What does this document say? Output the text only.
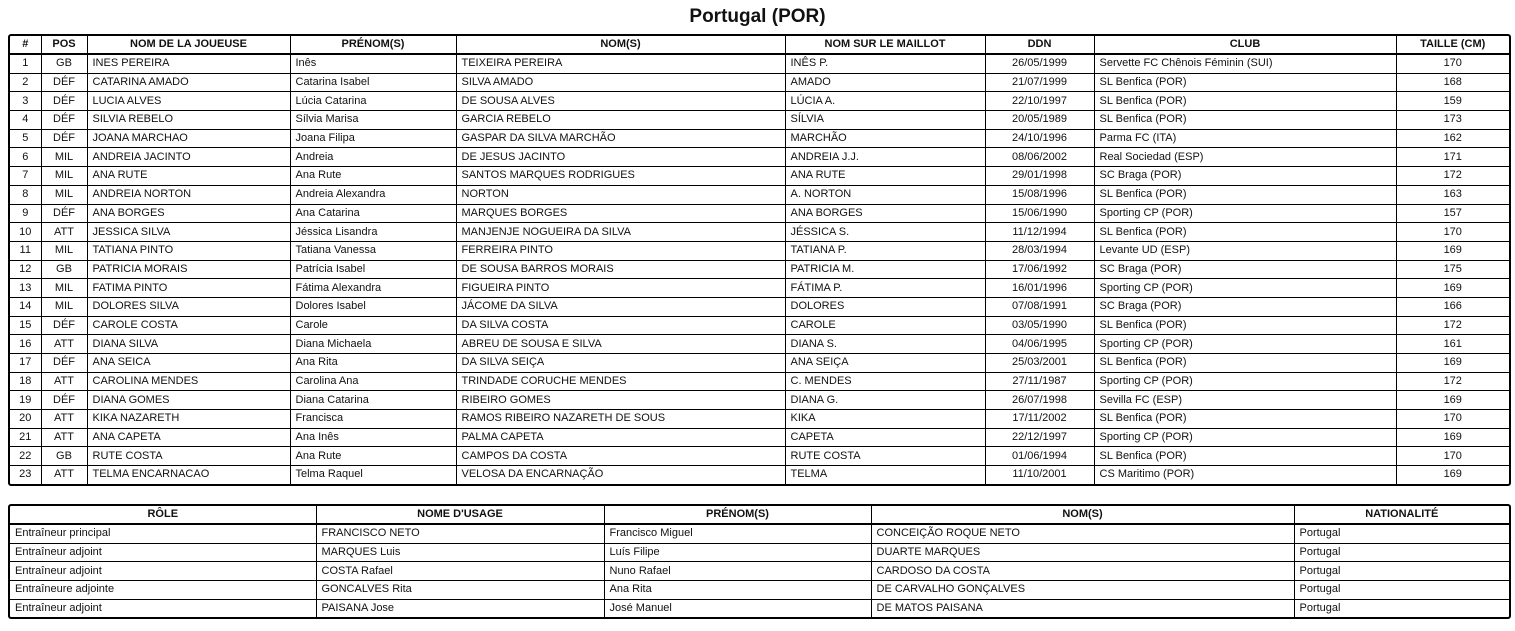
Portugal (POR)
#	POS	NOM DE LA JOUEUSE	PRÉNOM(S)	NOM(S)	NOM SUR LE MAILLOT	DDN	CLUB	TAILLE (CM)
1	GB	INES PEREIRA	Inês	TEIXEIRA PEREIRA	INÊS P.	26/05/1999	Servette FC Chênois Féminin (SUI)	170
2	DÉF	CATARINA AMADO	Catarina Isabel	SILVA AMADO	AMADO	21/07/1999	SL Benfica (POR)	168
3	DÉF	LUCIA ALVES	Lúcia Catarina	DE SOUSA ALVES	LÚCIA A.	22/10/1997	SL Benfica (POR)	159
4	DÉF	SILVIA REBELO	Sílvia Marisa	GARCIA REBELO	SÍLVIA	20/05/1989	SL Benfica (POR)	173
5	DÉF	JOANA MARCHAO	Joana Filipa	GASPAR DA SILVA MARCHÃO	MARCHÃO	24/10/1996	Parma FC (ITA)	162
6	MIL	ANDREIA JACINTO	Andreia	DE JESUS JACINTO	ANDREIA J.J.	08/06/2002	Real Sociedad (ESP)	171
7	MIL	ANA RUTE	Ana Rute	SANTOS MARQUES RODRIGUES	ANA RUTE	29/01/1998	SC Braga (POR)	172
8	MIL	ANDREIA NORTON	Andreia Alexandra	NORTON	A. NORTON	15/08/1996	SL Benfica (POR)	163
9	DÉF	ANA BORGES	Ana Catarina	MARQUES BORGES	ANA BORGES	15/06/1990	Sporting CP (POR)	157
10	ATT	JESSICA SILVA	Jéssica Lisandra	MANJENJE NOGUEIRA DA SILVA	JÉSSICA S.	11/12/1994	SL Benfica (POR)	170
11	MIL	TATIANA PINTO	Tatiana Vanessa	FERREIRA PINTO	TATIANA P.	28/03/1994	Levante UD (ESP)	169
12	GB	PATRICIA MORAIS	Patrícia Isabel	DE SOUSA BARROS MORAIS	PATRICIA M.	17/06/1992	SC Braga (POR)	175
13	MIL	FATIMA PINTO	Fátima Alexandra	FIGUEIRA PINTO	FÁTIMA P.	16/01/1996	Sporting CP (POR)	169
14	MIL	DOLORES SILVA	Dolores Isabel	JÁCOME DA SILVA	DOLORES	07/08/1991	SC Braga (POR)	166
15	DÉF	CAROLE COSTA	Carole	DA SILVA COSTA	CAROLE	03/05/1990	SL Benfica (POR)	172
16	ATT	DIANA SILVA	Diana Michaela	ABREU DE SOUSA E SILVA	DIANA S.	04/06/1995	Sporting CP (POR)	161
17	DÉF	ANA SEICA	Ana Rita	DA SILVA SEIÇA	ANA SEIÇA	25/03/2001	SL Benfica (POR)	169
18	ATT	CAROLINA MENDES	Carolina Ana	TRINDADE CORUCHE MENDES	C. MENDES	27/11/1987	Sporting CP (POR)	172
19	DÉF	DIANA GOMES	Diana Catarina	RIBEIRO GOMES	DIANA G.	26/07/1998	Sevilla FC (ESP)	169
20	ATT	KIKA NAZARETH	Francisca	RAMOS RIBEIRO NAZARETH DE SOUS	KIKA	17/11/2002	SL Benfica (POR)	170
21	ATT	ANA CAPETA	Ana Inês	PALMA CAPETA	CAPETA	22/12/1997	Sporting CP (POR)	169
22	GB	RUTE COSTA	Ana Rute	CAMPOS DA COSTA	RUTE COSTA	01/06/1994	SL Benfica (POR)	170
23	ATT	TELMA ENCARNACAO	Telma Raquel	VELOSA DA ENCARNAÇÃO	TELMA	11/10/2001	CS Maritimo (POR)	169
RÔLE	NOME D'USAGE	PRÉNOM(S)	NOM(S)	NATIONALITÉ
Entraîneur principal	FRANCISCO NETO	Francisco Miguel	CONCEIÇÃO ROQUE NETO	Portugal
Entraîneur adjoint	MARQUES Luis	Luís Filipe	DUARTE MARQUES	Portugal
Entraîneur adjoint	COSTA Rafael	Nuno Rafael	CARDOSO DA COSTA	Portugal
Entraîneure adjointe	GONCALVES Rita	Ana Rita	DE CARVALHO GONÇALVES	Portugal
Entraîneur adjoint	PAISANA Jose	José Manuel	DE MATOS PAISANA	Portugal
